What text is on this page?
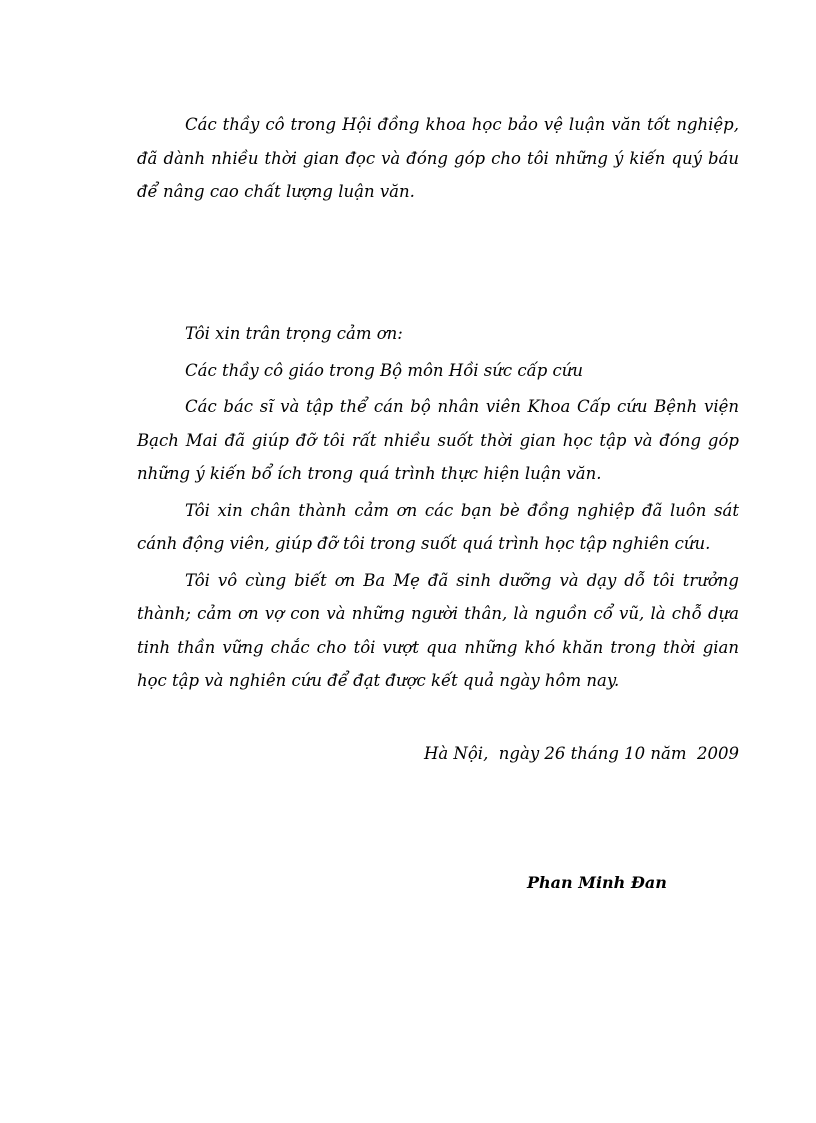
Các thầy cô trong Hội đồng khoa học bảo vệ luận văn tốt nghiệp, đã dành nhiều thời gian đọc và đóng góp cho tôi những ý kiến quý báu để nâng cao chất lượng luận văn.

Tôi xin trân trọng cảm ơn:

Các thầy cô giáo trong Bộ môn Hồi sức cấp cứu

Các bác sĩ và tập thể cán bộ nhân viên Khoa Cấp cứu Bệnh viện Bạch Mai đã giúp đỡ tôi rất nhiều suốt thời gian học tập và đóng góp những ý kiến bổ ích trong quá trình thực hiện luận văn.

Tôi xin chân thành cảm ơn các bạn bè đồng nghiệp đã luôn sát cánh động viên, giúp đỡ tôi trong suốt quá trình học tập nghiên cứu.

Tôi vô cùng biết ơn Ba Mẹ đã sinh dưỡng và dạy dỗ tôi trưởng thành; cảm ơn vợ con và những người thân, là nguồn cổ vũ, là chỗ dựa tinh thần vững chắc cho tôi vượt qua những khó khăn trong thời gian học tập và nghiên cứu để đạt được kết quả ngày hôm nay.

Hà Nội,  ngày 26 tháng 10 năm  2009
Phan Minh Đan
